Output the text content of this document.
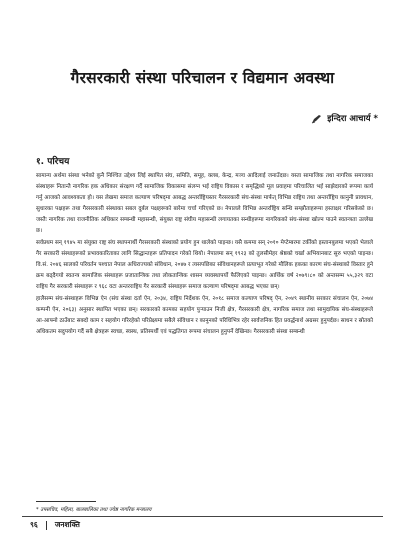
गैरसरकारी संस्था परिचालन र विद्यमान अवस्था
इन्दिरा आचार्य *
१. परिचय

सामान्य अर्थमा संस्था भनेको कुनै निश्चित उद्देश्य लिई स्थापित संघ, समिति, समूह, क्लब, केन्द्र, मञ्च आदिलाई जनाउँदछ। यस्ता सामाजिक तथा नागरिक समाजका संस्थाहरू नितान्तै नागरिक हक अधिकार संरक्षण गर्दै सामाजिक विकासमा संलग्न भई राष्ट्रिय विकास र समृद्धिको मूल प्रवाहमा परिचालित भई साझेदारको रूपमा कार्य गर्नु आजको आवश्यकता हो। यस लेखमा समाज कल्याण परिषद्‌मा आबद्ध अन्तर्राष्ट्रियस्तर गैरसरकारी संघ-संस्था मार्फत् विभिन्न राष्ट्रिय तथा अन्तर्राष्ट्रिय कानुनी प्रावधान, सुधारका पक्षहरू तथा गैरसरकारी संस्थाका सबल दुर्बल पक्षहरूको बारेमा चर्चा गरिएको छ। नेपालले विभिन्न अन्तर्राष्ट्रिय सन्धि सम्झौताहरूमा हस्ताक्षर गरिसकेको छ। जस्तैः नागरिक तथा राजनीतिक अधिकार सम्बन्धी महासन्धी, संयुक्त राष्ट्र संघीय महासन्धी लगायतका सन्धीहरूमा नागरिकको संघ-संस्था खोल्न पाउने स्वतन्त्रता उल्लेख छ।

सर्वप्रथम सन् १९४५ मा संयुक्त राष्ट्र संघ स्थापनार्थी गैरसरकारी संस्थाको प्रयोग हुन थालेको पाइन्छ। यसै कममा सन् २०१० मेप्टेम्बरमा टर्कीको इस्तानबुलमा भएको भेलाले गैर सरकारी संस्थाहरूको प्रभावकारिताका लागि सिद्धान्तहरू प्रतिपादन गरेको थियो। नेपालमा सन् १९२३ को तुलसीमेहर श्रेष्ठको चर्खा अभियानबाट सुरु भएको पाइन्छ। वि.सं. २०४६ सालको परिवर्तन पश्चात नेपाल अधिराज्यको संविधान, २०४७ र त्यसपछिका संविधानहरूले प्रत्याभूत गरेको मौलिक हकका कारण संघ-संस्थाको विस्तार हुने क्रम बढ्दैगयो स्वतन्त्र सामाजिक संस्थाहरू प्रजातान्त्रिक तथा लोकतान्त्रिक शासन व्यवस्थापर्यो फैलिएको पाइन्छ। आर्थिक वर्ष २०७९।८० को अन्तसम्म ५५,३२९ वटा राष्ट्रिय गैर सरकारी संस्थाहरू र ९६८ वटा अन्तरराष्ट्रिय गैर सरकारी संस्थाहरू समाज कल्याण परिषद्‌मा आबद्ध भएका छन्।

हालैसम्म संघ-संस्थाहरू विभिन्न ऐन (संघ संस्था दर्ता ऐन, २०३४, राष्ट्रिय निर्देशक ऐन, २०१८ समाज कल्याण परिषद् ऐन, २०४९ स्थानीय सरकार संचालन ऐन, २०७४ कम्पनी ऐन, २०६३) अनुसार स्थापित भएका छन्। सरकारको कामका सहयोग पुऱ्याउन निजी क्षेत्र, गैरसरकारी क्षेत्र, नागरिक समाज तथा सामुदायिक संघ-संस्थाहरूले आ-आफ्नो ठाउँबाट सक्दो काम र सहयोग गरिरहेको परिप्रेक्ष्यमा सबैले संविधान र कानुनको परिधिभित्र रहेर सार्वजनिक हित प्रवर्द्धनार्थ अग्रसर हुनुपर्दछ। साधन र स्रोतको अधिकतम सदुपयोग गर्दै सबै क्षेत्रहरू स्वच्छ, स्वस्थ, प्रतिस्पर्धी एवं पद्धतिगत रूपमा संचालन हुनुपर्ने देखिन्छ। गैरसरकारी संस्था सम्बन्धी

* उपसचिव, महिला, बालबालिका तथा ज्येष्ठ नागरिक मन्त्रालय
९६ जनशक्ति
